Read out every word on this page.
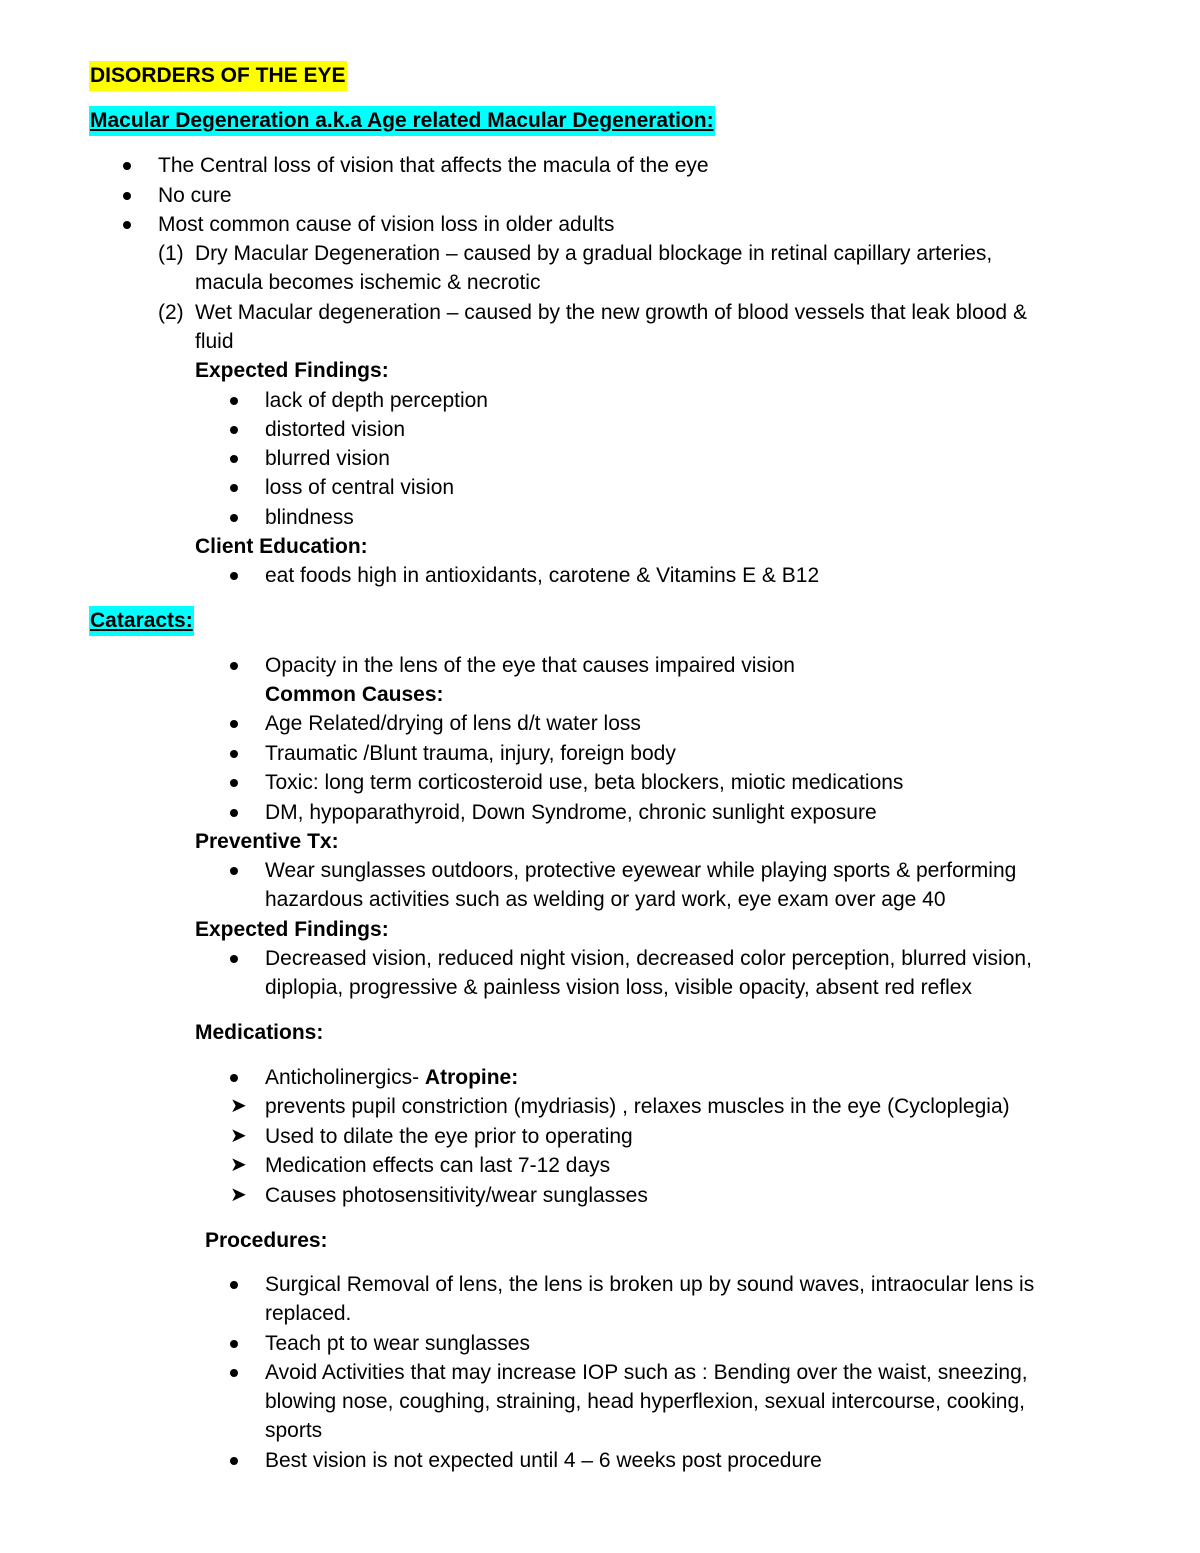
DISORDERS OF THE EYE
Macular Degeneration a.k.a Age related Macular Degeneration:
The Central loss of vision that affects the macula of the eye
No cure
Most common cause of vision loss in older adults
(1) Dry Macular Degeneration – caused by a gradual blockage in retinal capillary arteries,
macula becomes ischemic & necrotic
(2) Wet Macular degeneration – caused by the new growth of blood vessels that leak blood &
fluid
Expected Findings:
lack of depth perception
distorted vision
blurred vision
loss of central vision
blindness
Client Education:
eat foods high in antioxidants, carotene & Vitamins E & B12
Cataracts:
Opacity in the lens of the eye that causes impaired vision
Common Causes:
Age Related/drying of lens d/t water loss
Traumatic /Blunt trauma, injury, foreign body
Toxic: long term corticosteroid use, beta blockers, miotic medications
DM, hypoparathyroid, Down Syndrome, chronic sunlight exposure
Preventive Tx:
Wear sunglasses outdoors, protective eyewear while playing sports & performing
hazardous activities such as welding or yard work, eye exam over age 40
Expected Findings:
Decreased vision, reduced night vision, decreased color perception, blurred vision,
diplopia, progressive & painless vision loss, visible opacity, absent red reflex
Medications:
Anticholinergics- Atropine:
➤ prevents pupil constriction (mydriasis) , relaxes muscles in the eye (Cycloplegia)
➤ Used to dilate the eye prior to operating
➤ Medication effects can last 7-12 days
➤ Causes photosensitivity/wear sunglasses
Procedures:
Surgical Removal of lens, the lens is broken up by sound waves, intraocular lens is
replaced.
Teach pt to wear sunglasses
Avoid Activities that may increase IOP such as : Bending over the waist, sneezing,
blowing nose, coughing, straining, head hyperflexion, sexual intercourse, cooking,
sports
Best vision is not expected until 4 – 6 weeks post procedure
